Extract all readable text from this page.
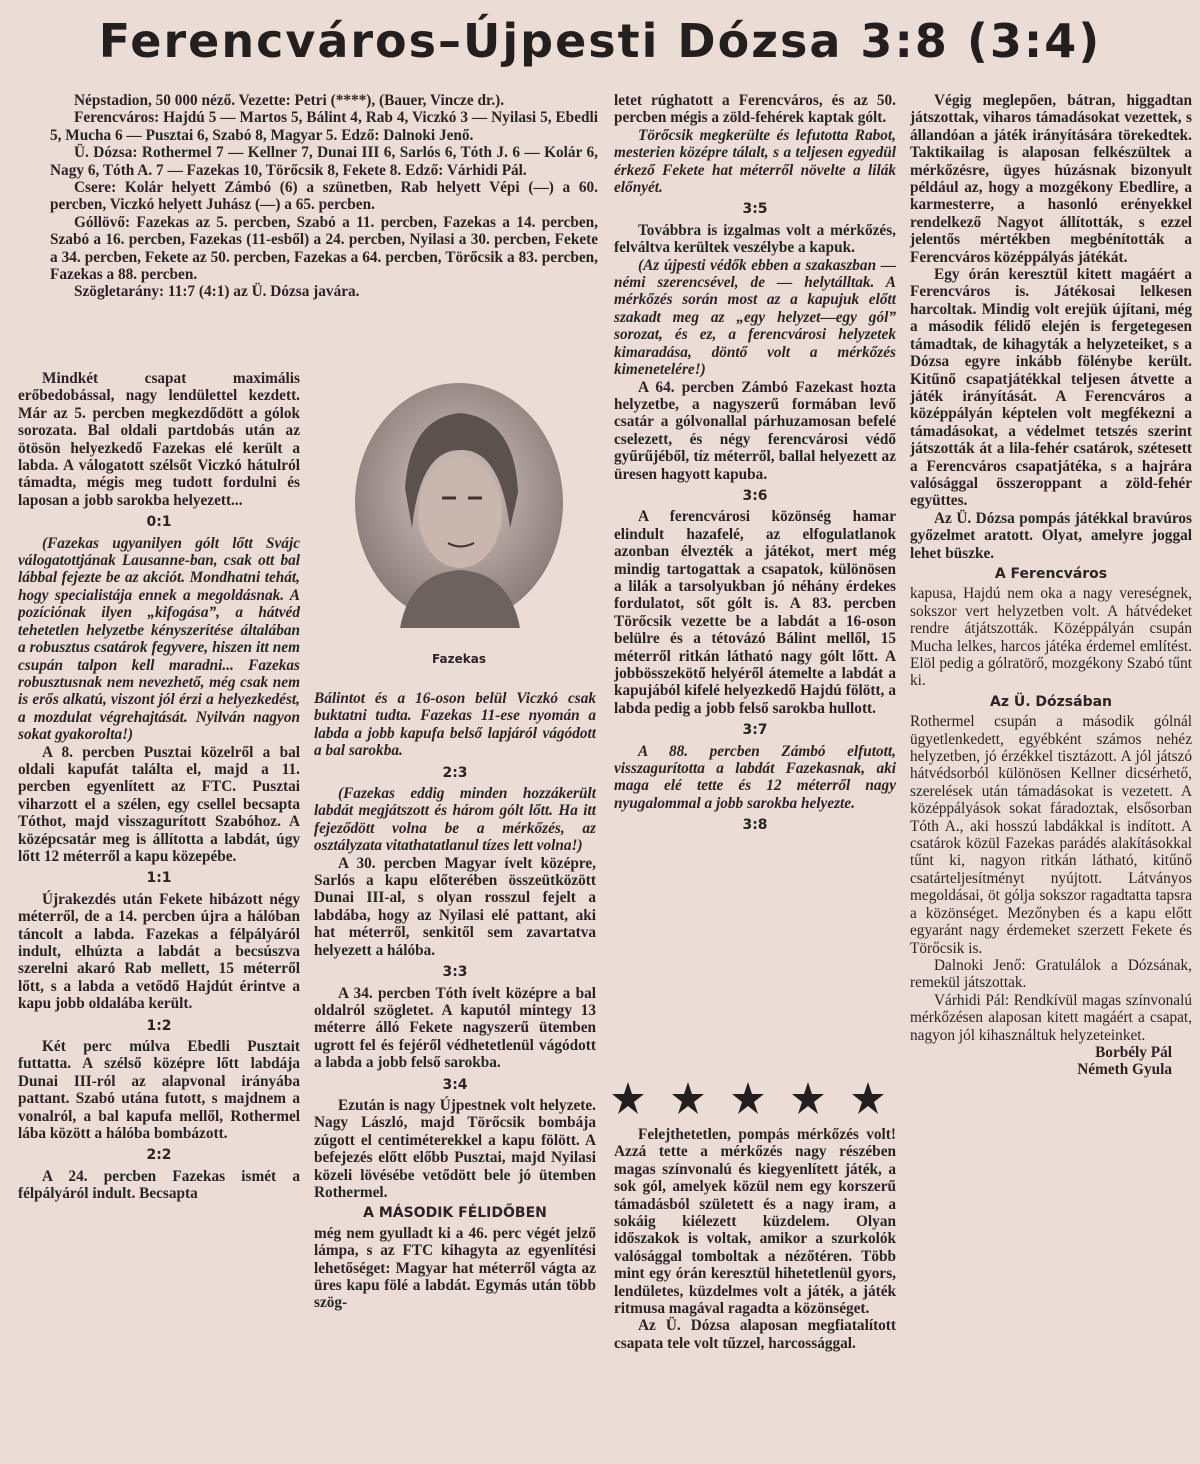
Ferencváros–Újpesti Dózsa 3:8 (3:4)

Népstadion, 50 000 néző. Vezette: Petri (****), (Bauer, Vincze dr.).

Ferencváros: Hajdú 5 — Martos 5, Bálint 4, Rab 4, Viczkó 3 — Nyilasi 5, Ebedli 5, Mucha 6 — Pusztai 6, Szabó 8, Magyar 5. Edző: Dalnoki Jenő.

Ü. Dózsa: Rothermel 7 — Kellner 7, Dunai III 6, Sarlós 6, Tóth J. 6 — Kolár 6, Nagy 6, Tóth A. 7 — Fazekas 10, Törőcsik 8, Fekete 8. Edző: Várhidi Pál.

Csere: Kolár helyett Zámbó (6) a szünetben, Rab helyett Vépi (—) a 60. percben, Viczkó helyett Juhász (—) a 65. percben.

Góllövő: Fazekas az 5. percben, Szabó a 11. percben, Fazekas a 14. percben, Szabó a 16. percben, Fazekas (11-esből) a 24. percben, Nyilasi a 30. percben, Fekete a 34. percben, Fekete az 50. percben, Fazekas a 64. percben, Törőcsik a 83. percben, Fazekas a 88. percben.

Szögletarány: 11:7 (4:1) az Ü. Dózsa javára.

Mindkét csapat maximális erőbedobással, nagy lendülettel kezdett. Már az 5. percben megkezdődött a gólok sorozata. Bal oldali partdobás után az ötösön helyezkedő Fazekas elé került a labda. A válogatott szélsőt Viczkó hátulról támadta, mégis meg tudott fordulni és laposan a jobb sarokba helyezett...

0:1

(Fazekas ugyanilyen gólt lőtt Svájc válogatottjának Lausanne-ban, csak ott bal lábbal fejezte be az akciót. Mondhatni tehát, hogy specialistája ennek a megoldásnak. A pozíciónak ilyen „kifogása”, a hátvéd tehetetlen helyzetbe kényszerítése általában a robusztus csatárok fegyvere, hiszen itt nem csupán talpon kell maradni... Fazekas robusztusnak nem nevezhető, még csak nem is erős alkatú, viszont jól érzi a helyezkedést, a mozdulat végrehajtását. Nyilván nagyon sokat gyakorolta!)

A 8. percben Pusztai közelről a bal oldali kapufát találta el, majd a 11. percben egyenlített az FTC. Pusztai viharzott el a szélen, egy csellel becsapta Tóthot, majd visszagurított Szabóhoz. A középcsatár meg is állította a labdát, úgy lőtt 12 méterről a kapu közepébe.

1:1

Újrakezdés után Fekete hibázott négy méterről, de a 14. percben újra a hálóban táncolt a labda. Fazekas a félpályáról indult, elhúzta a labdát a becsúszva szerelni akaró Rab mellett, 15 méterről lőtt, s a labda a vetődő Hajdút érintve a kapu jobb oldalába került.

1:2

Két perc múlva Ebedli Pusztait futtatta. A szélső középre lőtt labdája Dunai III-ról az alapvonal irányába pattant. Szabó utána futott, s majdnem a vonalról, a bal kapufa mellől, Rothermel lába között a hálóba bombázott.

2:2

A 24. percben Fazekas ismét a félpályáról indult. Becsapta

Fazekas

Bálintot és a 16-oson belül Viczkó csak buktatni tudta. Fazekas 11-ese nyomán a labda a jobb kapufa belső lapjáról vágódott a bal sarokba.

2:3

(Fazekas eddig minden hozzákerült labdát megjátszott és három gólt lőtt. Ha itt fejeződött volna be a mérkőzés, az osztályzata vitathatatlanul tízes lett volna!)

A 30. percben Magyar ívelt középre, Sarlós a kapu előterében összeütközött Dunai III-al, s olyan rosszul fejelt a labdába, hogy az Nyilasi elé pattant, aki hat méterről, senkitől sem zavartatva helyezett a hálóba.

3:3

A 34. percben Tóth ívelt középre a bal oldalról szögletet. A kaputól mintegy 13 méterre álló Fekete nagyszerű ütemben ugrott fel és fejéről védhetetlenül vágódott a labda a jobb felső sarokba.

3:4

Ezután is nagy Újpestnek volt helyzete. Nagy László, majd Törőcsik bombája zúgott el centiméterekkel a kapu fölött. A befejezés előtt előbb Pusztai, majd Nyilasi közeli lövésébe vetődött bele jó ütemben Rothermel.

A MÁSODIK FÉLIDŐBEN

még nem gyulladt ki a 46. perc végét jelző lámpa, s az FTC kihagyta az egyenlítési lehetőséget: Magyar hat méterről vágta az üres kapu fölé a labdát. Egymás után több szög-

letet rúghatott a Ferencváros, és az 50. percben mégis a zöld-fehérek kaptak gólt.

Törőcsik megkerülte és lefutotta Rabot, mesterien középre tálalt, s a teljesen egyedül érkező Fekete hat méterről növelte a lilák előnyét.

3:5

Továbbra is izgalmas volt a mérkőzés, felváltva kerültek veszélybe a kapuk.

(Az újpesti védők ebben a szakaszban — némi szerencsével, de — helytálltak. A mérkőzés során most az a kapujuk előtt szakadt meg az „egy helyzet—egy gól” sorozat, és ez, a ferencvárosi helyzetek kimaradása, döntő volt a mérkőzés kimenetelére!)

A 64. percben Zámbó Fazekast hozta helyzetbe, a nagyszerű formában levő csatár a gólvonallal párhuzamosan befelé cselezett, és négy ferencvárosi védő gyűrűjéből, tíz méterről, ballal helyezett az üresen hagyott kapuba.

3:6

A ferencvárosi közönség hamar elindult hazafelé, az elfogulatlanok azonban élvezték a játékot, mert még mindig tartogattak a csapatok, különösen a lilák a tarsolyukban jó néhány érdekes fordulatot, sőt gólt is. A 83. percben Törőcsik vezette be a labdát a 16-oson belülre és a tétovázó Bálint mellől, 15 méterről ritkán látható nagy gólt lőtt. A jobbösszekötő helyéről átemelte a labdát a kapujából kifelé helyezkedő Hajdú fölött, a labda pedig a jobb felső sarokba hullott.

3:7

A 88. percben Zámbó elfutott, visszagurította a labdát Fazekasnak, aki maga elé tette és 12 méterről nagy nyugalommal a jobb sarokba helyezte.

3:8

Felejthetetlen, pompás mérkőzés volt! Azzá tette a mérkőzés nagy részében magas színvonalú és kiegyenlített játék, a sok gól, amelyek közül nem egy korszerű támadásból született és a nagy iram, a sokáig kiélezett küzdelem. Olyan időszakok is voltak, amikor a szurkolók valósággal tomboltak a nézőtéren. Több mint egy órán keresztül hihetetlenül gyors, lendületes, küzdelmes volt a játék, a játék ritmusa magával ragadta a közönséget.

Az Ü. Dózsa alaposan megfiatalított csapata tele volt tűzzel, harcossággal.

Végig meglepően, bátran, higgadtan játszottak, viharos támadásokat vezettek, s állandóan a játék irányítására törekedtek. Taktikailag is alaposan felkészültek a mérkőzésre, ügyes húzásnak bizonyult például az, hogy a mozgékony Ebedlire, a karmesterre, a hasonló erényekkel rendelkező Nagyot állították, s ezzel jelentős mértékben megbénították a Ferencváros középpályás játékát.

Egy órán keresztül kitett magáért a Ferencváros is. Játékosai lelkesen harcoltak. Mindig volt erejük újítani, még a második félidő elején is fergetegesen támadtak, de kihagyták a helyzeteiket, s a Dózsa egyre inkább fölénybe került. Kitűnő csapatjátékkal teljesen átvette a játék irányítását. A Ferencváros a középpályán képtelen volt megfékezni a támadásokat, a védelmet tetszés szerint játszották át a lila-fehér csatárok, szétesett a Ferencváros csapatjátéka, s a hajrára valósággal összeroppant a zöld-fehér együttes.

Az Ü. Dózsa pompás játékkal bravúros győzelmet aratott. Olyat, amelyre joggal lehet büszke.

A Ferencváros

kapusa, Hajdú nem oka a nagy vereségnek, sokszor vert helyzetben volt. A hátvédeket rendre átjátszották. Középpályán csupán Mucha lelkes, harcos játéka érdemel említést. Elöl pedig a gólratörő, mozgékony Szabó tűnt ki.

Az Ü. Dózsában

Rothermel csupán a második gólnál ügyetlenkedett, egyébként számos nehéz helyzetben, jó érzékkel tisztázott. A jól játszó hátvédsorból különösen Kellner dicsérhető, szerelések után támadásokat is vezetett. A középpályások sokat fáradoztak, elsősorban Tóth A., aki hosszú labdákkal is indított. A csatárok közül Fazekas parádés alakításokkal tűnt ki, nagyon ritkán látható, kitűnő csatárteljesítményt nyújtott. Látványos megoldásai, öt gólja sokszor ragadtatta tapsra a közönséget. Mezőnyben és a kapu előtt egyaránt nagy érdemeket szerzett Fekete és Törőcsik is.

Dalnoki Jenő: Gratulálok a Dózsának, remekül játszottak.

Várhidi Pál: Rendkívül magas színvonalú mérkőzésen alaposan kitett magáért a csapat, nagyon jól kihasználtuk helyzeteinket.

Borbély Pál
Németh Gyula
